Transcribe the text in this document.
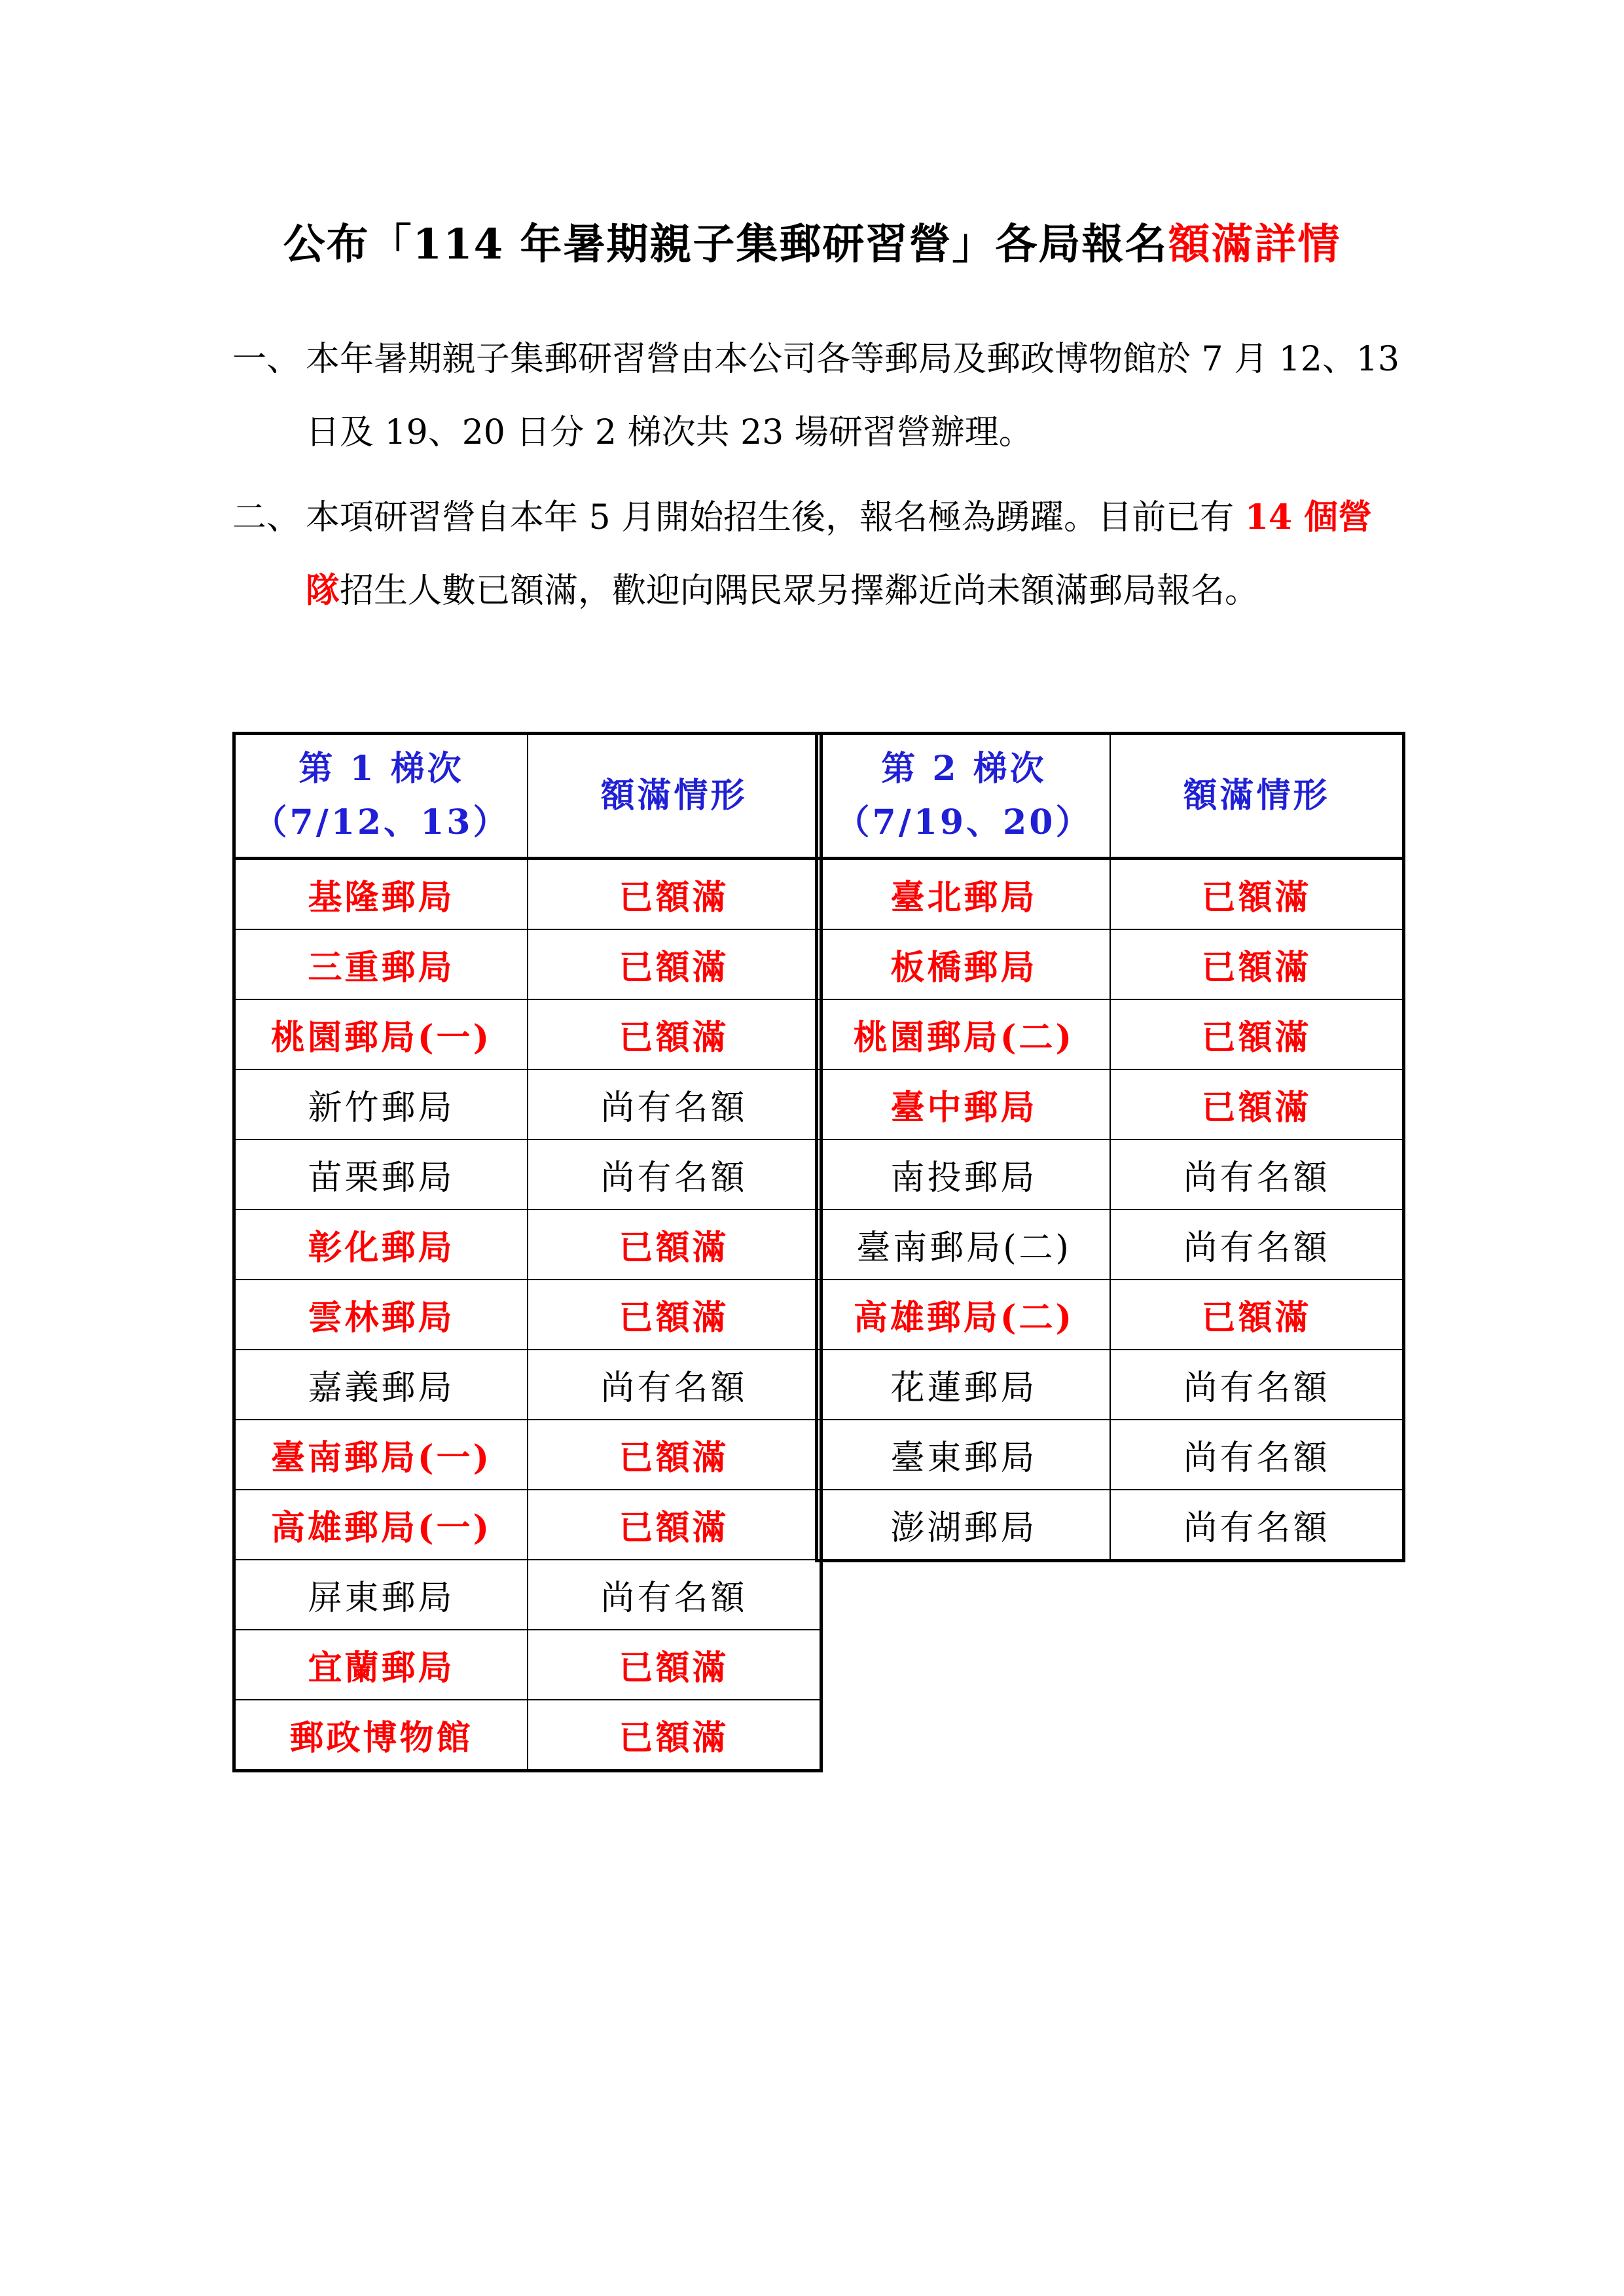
公布「114 年暑期親子集郵研習營」各局報名額滿詳情
一、 本年暑期親子集郵研習營由本公司各等郵局及郵政博物館於 7 月 12、13 日及 19、20 日分 2 梯次共 23 場研習營辦理。
二、 本項研習營自本年 5 月開始招生後，報名極為踴躍。目前已有 14 個營隊招生人數已額滿，歡迎向隅民眾另擇鄰近尚未額滿郵局報名。
第 1 梯次
（7/12、13）	額滿情形
基隆郵局	已額滿
三重郵局	已額滿
桃園郵局(一)	已額滿
新竹郵局	尚有名額
苗栗郵局	尚有名額
彰化郵局	已額滿
雲林郵局	已額滿
嘉義郵局	尚有名額
臺南郵局(一)	已額滿
高雄郵局(一)	已額滿
屏東郵局	尚有名額
宜蘭郵局	已額滿
郵政博物館	已額滿
第 2 梯次
（7/19、20）	額滿情形
臺北郵局	已額滿
板橋郵局	已額滿
桃園郵局(二)	已額滿
臺中郵局	已額滿
南投郵局	尚有名額
臺南郵局(二)	尚有名額
高雄郵局(二)	已額滿
花蓮郵局	尚有名額
臺東郵局	尚有名額
澎湖郵局	尚有名額
